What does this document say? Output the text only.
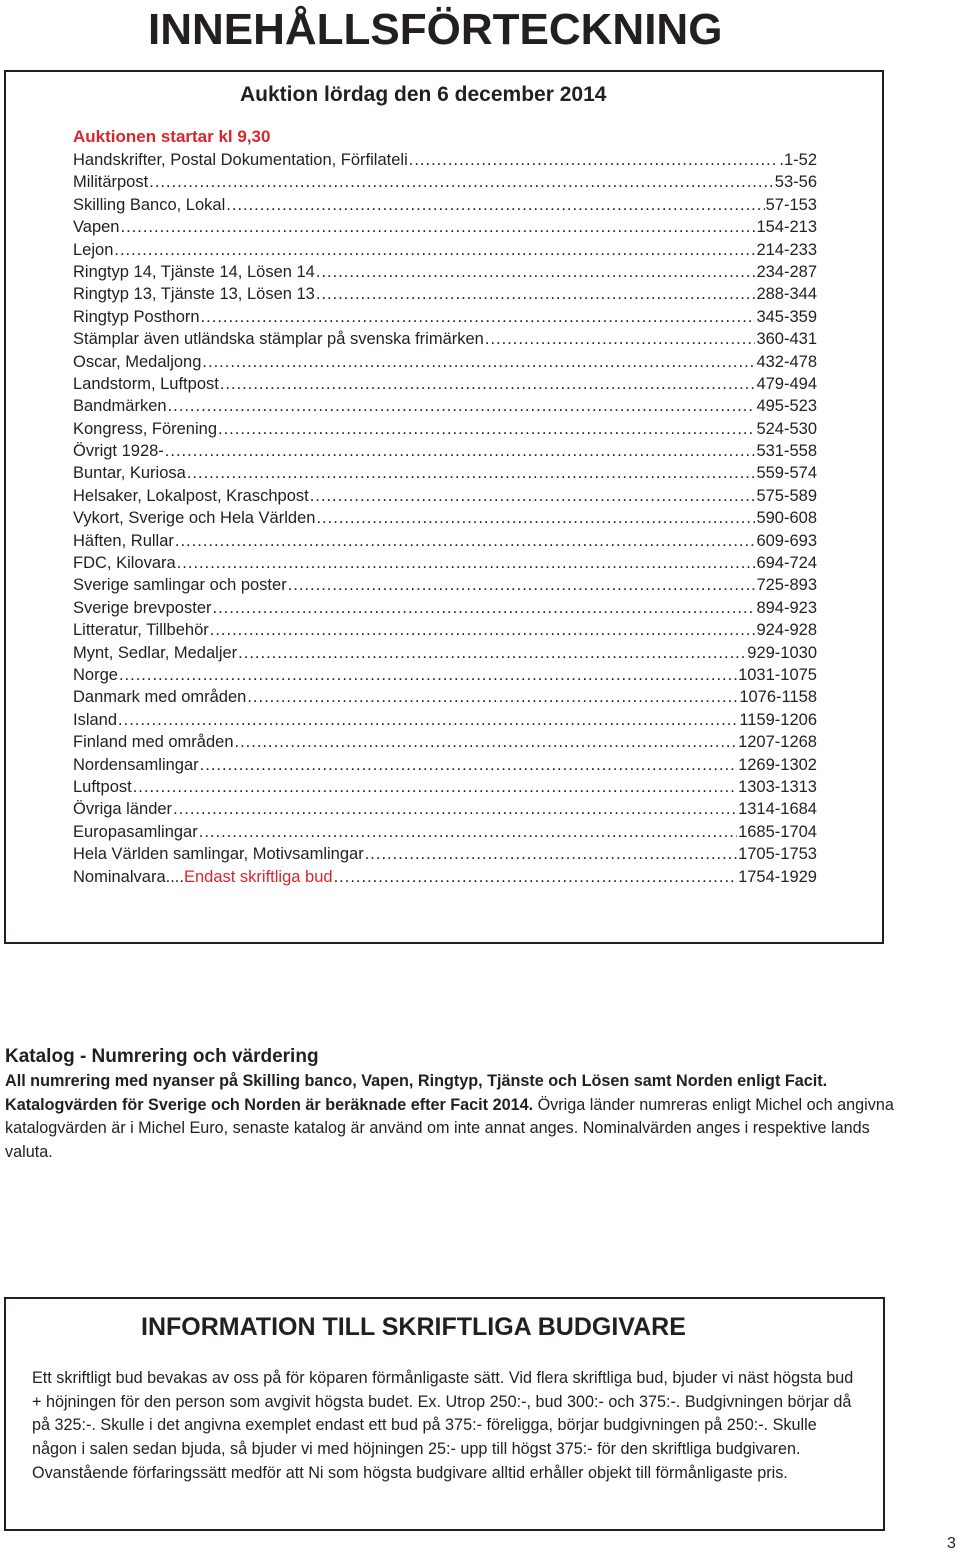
INNEHÅLLSFÖRTECKNING
Auktion lördag den 6 december 2014
Auktionen startar kl 9,30
Handskrifter, Postal Dokumentation, Förfilateli .....	.1-52
Militärpost .....	53-56
Skilling Banco, Lokal .....	57-153
Vapen .....	154-213
Lejon .....	214-233
Ringtyp 14, Tjänste 14, Lösen 14 .....	234-287
Ringtyp 13, Tjänste 13, Lösen 13 .....	288-344
Ringtyp Posthorn .....	345-359
Stämplar även utländska stämplar på svenska frimärken .....	360-431
Oscar, Medaljong .....	432-478
Landstorm, Luftpost .....	479-494
Bandmärken .....	495-523
Kongress, Förening .....	524-530
Övrigt 1928- .....	531-558
Buntar, Kuriosa .....	559-574
Helsaker, Lokalpost, Kraschpost .....	575-589
Vykort, Sverige och Hela Världen .....	590-608
Häften, Rullar .....	609-693
FDC, Kilovara .....	694-724
Sverige samlingar och poster .....	725-893
Sverige brevposter .....	894-923
Litteratur, Tillbehör .....	924-928
Mynt, Sedlar, Medaljer .....	929-1030
Norge .....	1031-1075
Danmark med områden .....	1076-1158
Island .....	1159-1206
Finland med områden .....	1207-1268
Nordensamlingar .....	1269-1302
Luftpost .....	1303-1313
Övriga länder .....	1314-1684
Europasamlingar .....	1685-1704
Hela Världen samlingar, Motivsamlingar .....	1705-1753
Nominalvara....Endast skriftliga bud .....	1754-1929

Katalog - Numrering och värdering

All numrering med nyanser på Skilling banco, Vapen, Ringtyp, Tjänste och Lösen samt Norden enligt Facit.
Katalogvärden för Sverige och Norden är beräknade efter Facit 2014. Övriga länder numreras enligt Michel och angivna katalogvärden är i Michel Euro, senaste katalog är använd om inte annat anges. Nominalvärden anges i respektive lands valuta.

INFORMATION TILL SKRIFTLIGA BUDGIVARE

Ett skriftligt bud bevakas av oss på för köparen förmånligaste sätt. Vid flera skriftliga bud, bjuder vi näst högsta bud + höjningen för den person som avgivit högsta budet. Ex. Utrop 250:-, bud 300:- och 375:-. Budgivningen börjar då på 325:-. Skulle i det angivna exemplet endast ett bud på 375:- föreligga, börjar budgivningen på 250:-. Skulle någon i salen sedan bjuda, så bjuder vi med höjningen 25:- upp till högst 375:- för den skriftliga budgivaren. Ovanstående förfaringssätt medför att Ni som högsta budgivare alltid erhåller objekt till förmånligaste pris.

3
